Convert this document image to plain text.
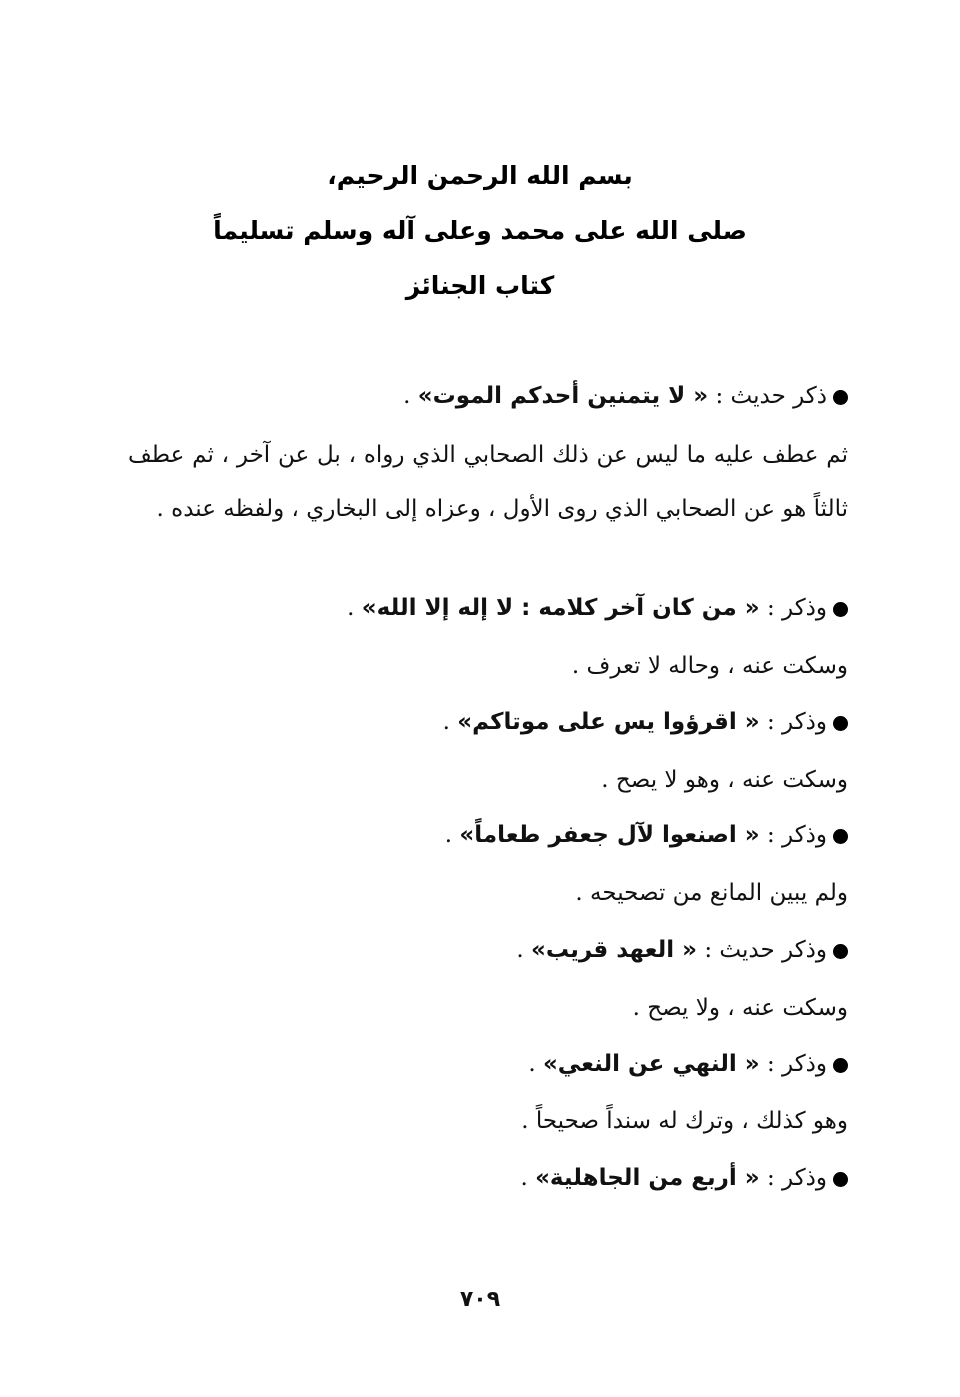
بسم الله الرحمن الرحيم،
صلى الله على محمد وعلى آله وسلم تسليماً
كتاب الجنائز
ذكر حديث : « لا يتمنين أحدكم الموت» .
ثم عطف عليه ما ليس عن ذلك الصحابي الذي رواه ، بل عن آخر ، ثم عطف ثالثاً هو عن الصحابي الذي روى الأول ، وعزاه إلى البخاري ، ولفظه عنده .
وذكر : « من كان آخر كلامه : لا إله إلا الله» .
وسكت عنه ، وحاله لا تعرف .
وذكر : « اقرؤوا يس على موتاكم» .
وسكت عنه ، وهو لا يصح .
وذكر : « اصنعوا لآل جعفر طعاماً» .
ولم يبين المانع من تصحيحه .
وذكر حديث : « العهد قريب» .
وسكت عنه ، ولا يصح .
وذكر : « النهي عن النعي» .
وهو كذلك ، وترك له سنداً صحيحاً .
وذكر : « أربع من الجاهلية» .
٧٠٩
